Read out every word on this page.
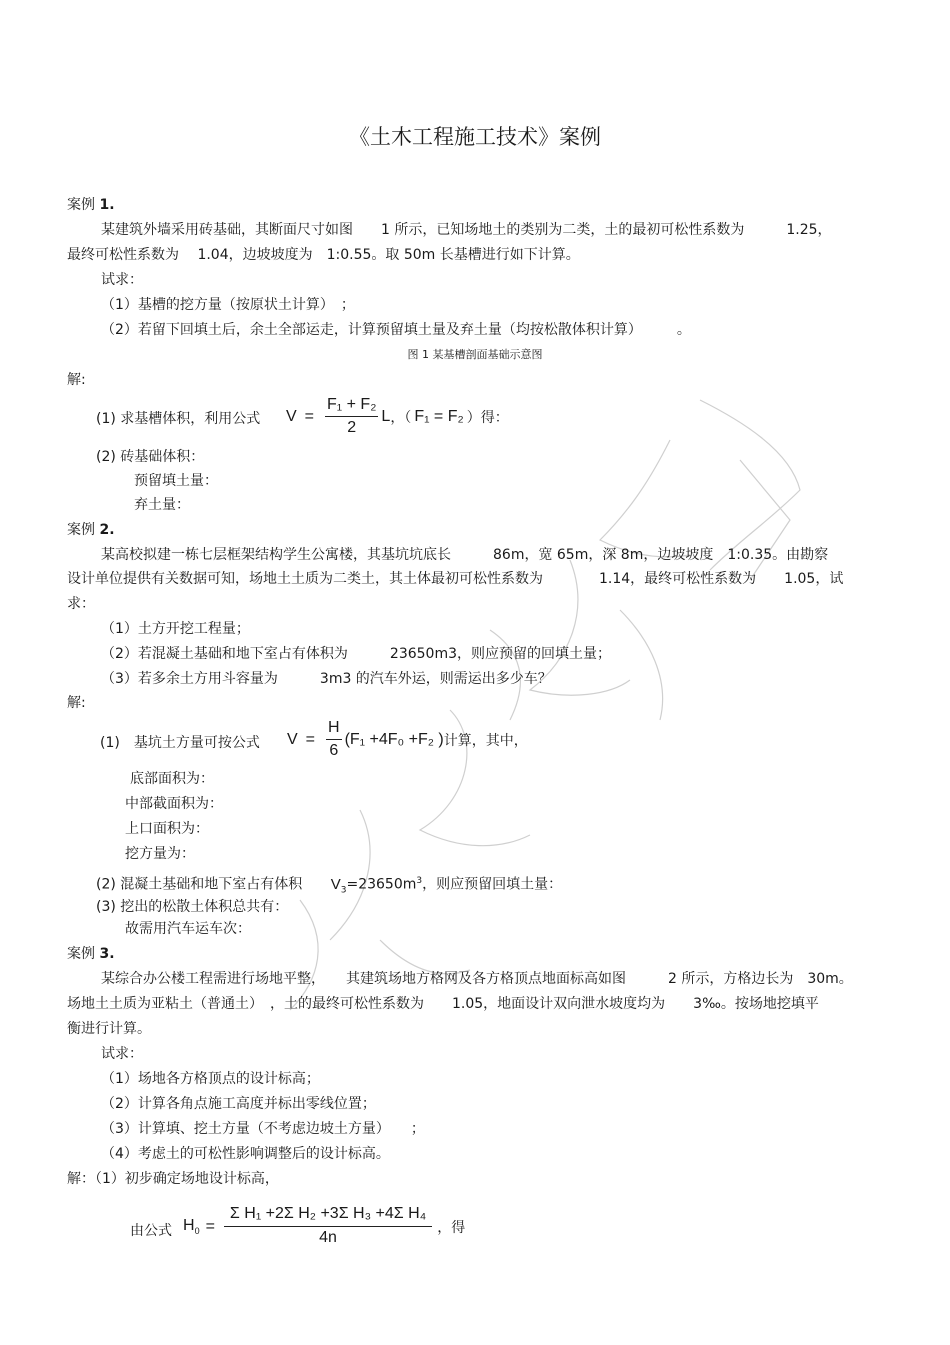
《土木工程施工技术》案例
案例 1.
某建筑外墙采用砖基础，其断面尺寸如图　　1 所示，已知场地土的类别为二类，土的最初可松性系数为　　　1.25，
最终可松性系数为　 1.04，边坡坡度为　1:0.55。取 50m 长基槽进行如下计算。
试求：
（1）基槽的挖方量（按原状土计算）　；
（2）若留下回填土后，余土全部运走，计算预留填土量及弃土量（均按松散体积计算）　　　。
图 1 某基槽剖面基础示意图
解:
(1) 求基槽体积，利用公式 $V = \frac{\text{F₁ + F₂}}{2}$ L ，（ F₁ = F₂ ）得：
(2) 砖基础体积：
预留填土量：
弃土量：
案例 2.
某高校拟建一栋七层框架结构学生公寓楼，其基坑坑底长　　　86m，宽 65m，深 8m，边坡坡度　1:0.35。由勘察
设计单位提供有关数据可知，场地土土质为二类土，其土体最初可松性系数为　　　　1.14，最终可松性系数为　　1.05，试
求：
（1）土方开挖工程量；
（2）若混凝土基础和地下室占有体积为　　　23650m3，则应预留的回填土量；
（3）若多余土方用斗容量为　　　3m3 的汽车外运，则需运出多少车？
解:
(1)　基坑土方量可按公式 $V = \frac{H}{6} (F_1 +4F_0 +F_2$ ) 计算，其中，
底部面积为：
中部截面积为：
上口面积为：
挖方量为：
(2) 混凝土基础和地下室占有体积 $V_3=23650m^3$，则应预留回填土量：
(3) 挖出的松散土体积总共有：
故需用汽车运车次：
案例 3.
某综合办公楼工程需进行场地平整，　　其建筑场地方格网及各方格顶点地面标高如图　　　2 所示，方格边长为　30m。
场地土土质为亚粘土（普通土）　，土的最终可松性系数为　　1.05，地面设计双向泄水坡度均为　　3‰。按场地挖填平
衡进行计算。
试求：
（1）场地各方格顶点的设计标高；
（2）计算各角点施工高度并标出零线位置；
（3）计算填、挖土方量（不考虑边坡土方量）　　；
（4）考虑土的可松性影响调整后的设计标高。
解：（1）初步确定场地设计标高，
由公式 $H_0 = \frac{\text{Σ H₁ +2Σ H₂ +3Σ H₃ +4Σ H₄}}{4n}$ ，得
